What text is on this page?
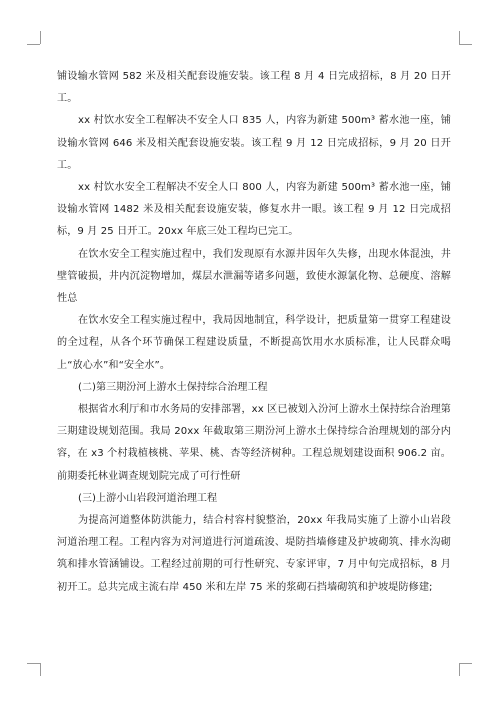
铺设输水管网 582 米及相关配套设施安装。该工程 8 月 4 日完成招标，8 月 20 日开工。

xx 村饮水安全工程解决不安全人口 835 人，内容为新建 500m³ 蓄水池一座，铺设输水管网 646 米及相关配套设施安装。该工程 9 月 12 日完成招标，9 月 20 日开工。

xx 村饮水安全工程解决不安全人口 800 人，内容为新建 500m³ 蓄水池一座，铺设输水管网 1482 米及相关配套设施安装，修复水井一眼。该工程 9 月 12 日完成招标，9 月 25 日开工。20xx 年底三处工程均已完工。

在饮水安全工程实施过程中，我们发现原有水源井因年久失修，出现水体混浊，井壁管破损，井内沉淀物增加，煤层水泄漏等诸多问题，致使水源氯化物、总硬度、溶解性总

在饮水安全工程实施过程中，我局因地制宜，科学设计，把质量第一贯穿工程建设的全过程，从各个环节确保工程建设质量，不断提高饮用水水质标准，让人民群众喝上“放心水”和“安全水”。

(二)第三期汾河上游水土保持综合治理工程

根据省水利厅和市水务局的安排部署，xx 区已被划入汾河上游水土保持综合治理第三期建设规划范围。我局 20xx 年截取第三期汾河上游水土保持综合治理规划的部分内容，在 x3 个村栽植核桃、苹果、桃、杏等经济树种。工程总规划建设面积 906.2 亩。前期委托林业调查规划院完成了可行性研

(三)上游小山岩段河道治理工程

为提高河道整体防洪能力，结合村容村貌整治，20xx 年我局实施了上游小山岩段河道治理工程。工程内容为对河道进行河道疏浚、堤防挡墙修建及护坡砌筑、排水沟砌筑和排水管涵铺设。工程经过前期的可行性研究、专家评审，7 月中旬完成招标，8 月初开工。总共完成主流右岸 450 米和左岸 75 米的浆砌石挡墙砌筑和护坡堤防修建;
